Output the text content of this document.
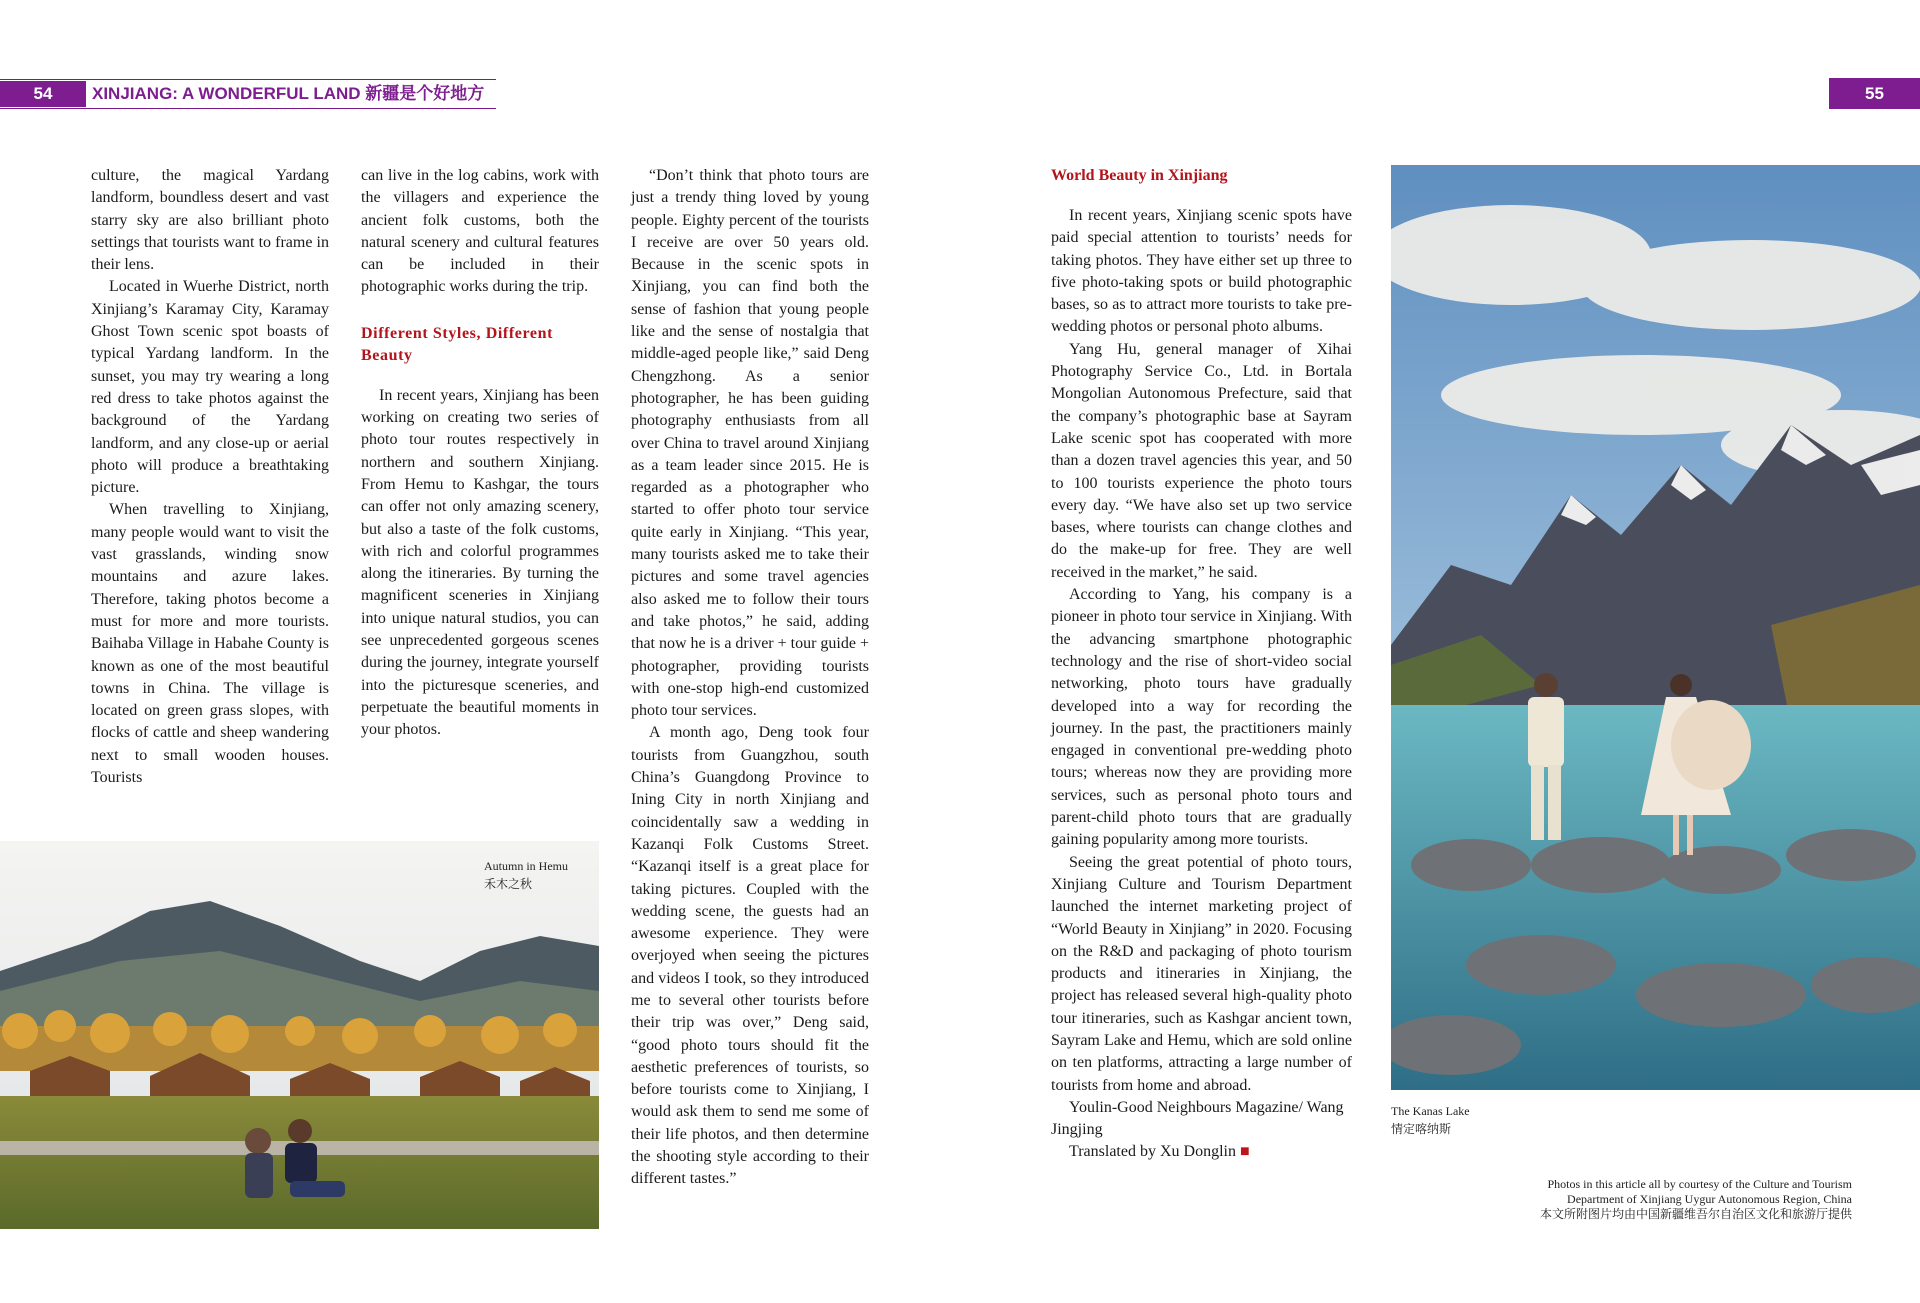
54	XINJIANG: A WONDERFUL LAND 新疆是个好地方	55

culture, the magical Yardang landform, boundless desert and vast starry sky are also brilliant photo settings that tourists want to frame in their lens.

Located in Wuerhe District, north Xinjiang’s Karamay City, Karamay Ghost Town scenic spot boasts of typical Yardang landform. In the sunset, you may try wearing a long red dress to take photos against the background of the Yardang landform, and any close-up or aerial photo will produce a breathtaking picture.

When travelling to Xinjiang, many people would want to visit the vast grasslands, winding snow mountains and azure lakes. Therefore, taking photos become a must for more and more tourists. Baihaba Village in Habahe County is known as one of the most beautiful towns in China. The village is located on green grass slopes, with flocks of cattle and sheep wandering next to small wooden houses. Tourists

can live in the log cabins, work with the villagers and experience the ancient folk customs, both the natural scenery and cultural features can be included in their photographic works during the trip.

Different Styles, Different Beauty

In recent years, Xinjiang has been working on creating two series of photo tour routes respectively in northern and southern Xinjiang. From Hemu to Kashgar, the tours can offer not only amazing scenery, but also a taste of the folk customs, with rich and colorful programmes along the itineraries. By turning the magnificent sceneries in Xinjiang into unique natural studios, you can see unprecedented gorgeous scenes during the journey, integrate yourself into the picturesque sceneries, and perpetuate the beautiful moments in your photos.

“Don’t think that photo tours are just a trendy thing loved by young people. Eighty percent of the tourists I receive are over 50 years old. Because in the scenic spots in Xinjiang, you can find both the sense of fashion that young people like and the sense of nostalgia that middle-aged people like,” said Deng Chengzhong. As a senior photographer, he has been guiding photography enthusiasts from all over China to travel around Xinjiang as a team leader since 2015. He is regarded as a photographer who started to offer photo tour service quite early in Xinjiang. “This year, many tourists asked me to take their pictures and some travel agencies also asked me to follow their tours and take photos,” he said, adding that now he is a driver + tour guide + photographer, providing tourists with one-stop high-end customized photo tour services.

A month ago, Deng took four tourists from Guangzhou, south China’s Guangdong Province to Ining City in north Xinjiang and coincidentally saw a wedding in Kazanqi Folk Customs Street. “Kazanqi itself is a great place for taking pictures. Coupled with the wedding scene, the guests had an awesome experience. They were overjoyed when seeing the pictures and videos I took, so they introduced me to several other tourists before their trip was over,” Deng said, “good photo tours should fit the aesthetic preferences of tourists, so before tourists come to Xinjiang, I would ask them to send me some of their life photos, and then determine the shooting style according to their different tastes.”

World Beauty in Xinjiang

In recent years, Xinjiang scenic spots have paid special attention to tourists’ needs for taking photos. They have either set up three to five photo-taking spots or build photographic bases, so as to attract more tourists to take pre-wedding photos or personal photo albums.

Yang Hu, general manager of Xihai Photography Service Co., Ltd. in Bortala Mongolian Autonomous Prefecture, said that the company’s photographic base at Sayram Lake scenic spot has cooperated with more than a dozen travel agencies this year, and 50 to 100 tourists experience the photo tours every day. “We have also set up two service bases, where tourists can change clothes and do the make-up for free. They are well received in the market,” he said.

According to Yang, his company is a pioneer in photo tour service in Xinjiang. With the advancing smartphone photographic technology and the rise of short-video social networking, photo tours have gradually developed into a way for recording the journey. In the past, the practitioners mainly engaged in conventional pre-wedding photo tours; whereas now they are providing more services, such as personal photo tours and parent-child photo tours that are gradually gaining popularity among more tourists.

Seeing the great potential of photo tours, Xinjiang Culture and Tourism Department launched the internet marketing project of “World Beauty in Xinjiang” in 2020. Focusing on the R&D and packaging of photo tourism products and itineraries in Xinjiang, the project has released several high-quality photo tour itineraries, such as Kashgar ancient town, Sayram Lake and Hemu, which are sold online on ten platforms, attracting a large number of tourists from home and abroad.

Youlin-Good Neighbours Magazine/ Wang Jingjing

Translated by Xu Donglin ■

Autumn in Hemu
禾木之秋
The Kanas Lake
情定喀纳斯
Photos in this article all by courtesy of the Culture and Tourism
Department of Xinjiang Uygur Autonomous Region, China
本文所附图片均由中国新疆维吾尔自治区文化和旅游厅提供
